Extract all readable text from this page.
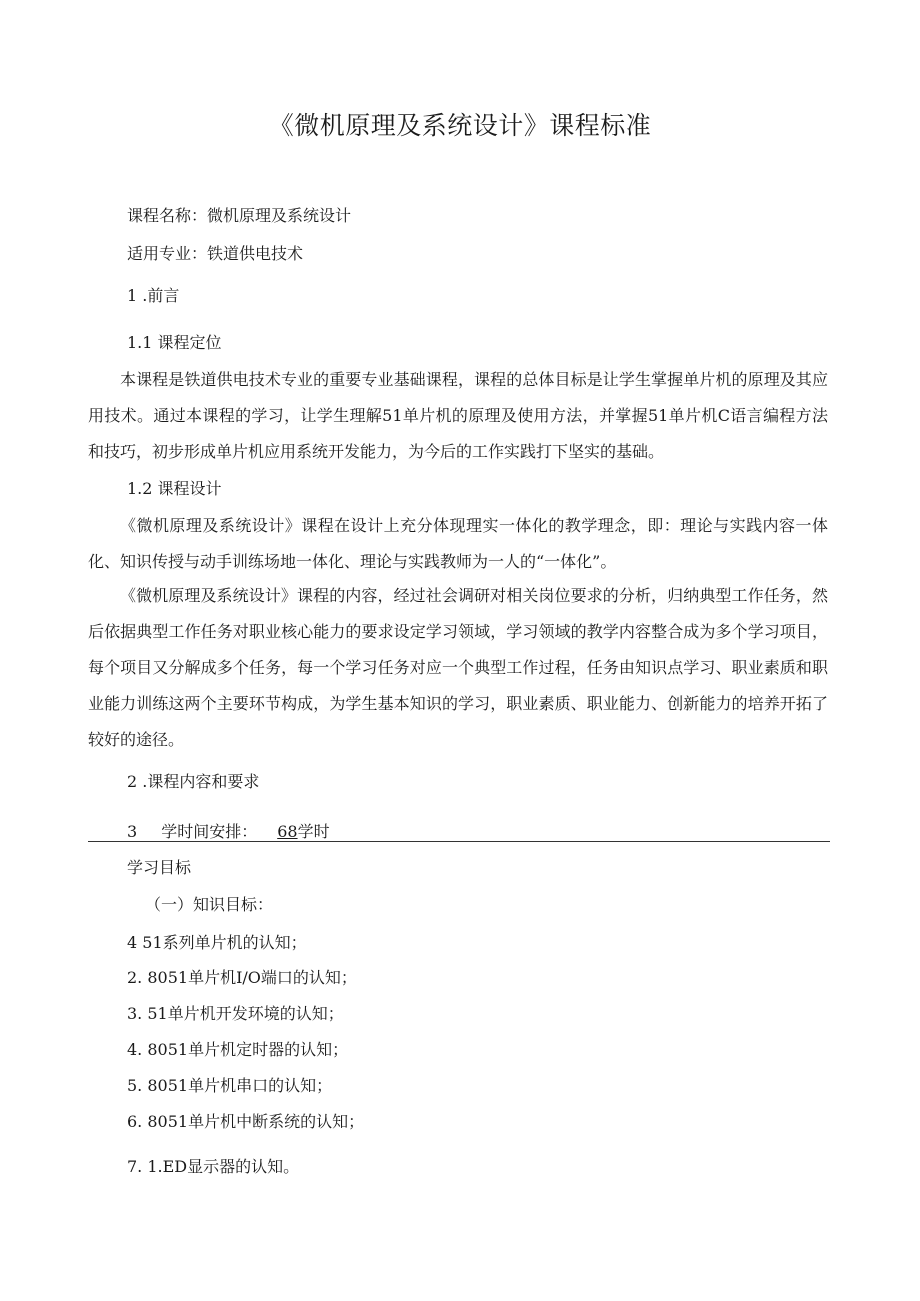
《微机原理及系统设计》课程标准

课程名称：微机原理及系统设计

适用专业：铁道供电技术

1 .前言

1.1 课程定位

本课程是铁道供电技术专业的重要专业基础课程，课程的总体目标是让学生掌握单片机的原理及其应用技术。通过本课程的学习，让学生理解51单片机的原理及使用方法，并掌握51单片机C语言编程方法和技巧，初步形成单片机应用系统开发能力，为今后的工作实践打下坚实的基础。

1.2 课程设计

《微机原理及系统设计》课程在设计上充分体现理实一体化的教学理念，即：理论与实践内容一体化、知识传授与动手训练场地一体化、理论与实践教师为一人的“一体化”。

《微机原理及系统设计》课程的内容，经过社会调研对相关岗位要求的分析，归纳典型工作任务，然后依据典型工作任务对职业核心能力的要求设定学习领域，学习领域的教学内容整合成为多个学习项目，每个项目又分解成多个任务，每一个学习任务对应一个典型工作过程，任务由知识点学习、职业素质和职业能力训练这两个主要环节构成，为学生基本知识的学习，职业素质、职业能力、创新能力的培养开拓了较好的途径。

2 .课程内容和要求

3 学时间安排： 68学时

学习目标

（一）知识目标：

4 51系列单片机的认知；

2. 8051单片机I/O端口的认知；

3. 51单片机开发环境的认知；

4. 8051单片机定时器的认知；

5. 8051单片机串口的认知；

6. 8051单片机中断系统的认知；

7. 1.ED显示器的认知。
